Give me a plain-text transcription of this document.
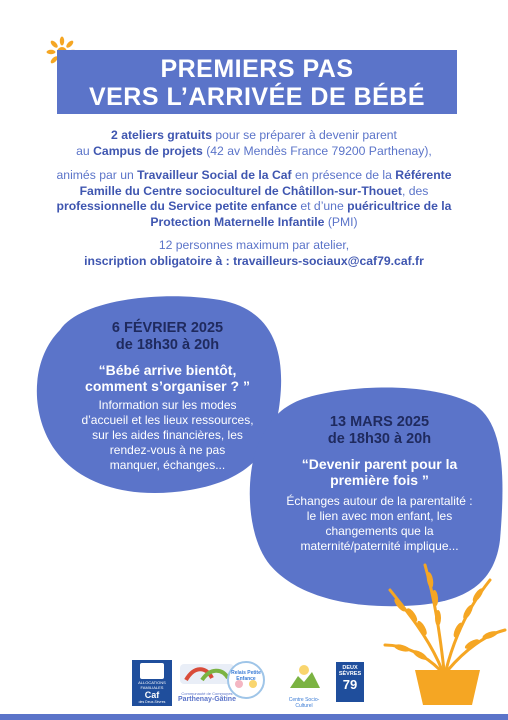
PREMIERS PAS
VERS L’ARRIVÉE DE BÉBÉ
2 ateliers gratuits pour se préparer à devenir parent
au Campus de projets (42 av Mendès France 79200 Parthenay),
animés par un Travailleur Social de la Caf en présence de la Référente Famille du Centre socioculturel de Châtillon-sur-Thouet, des professionnelle du Service petite enfance et d’une puéricultrice de la Protection Maternelle Infantile (PMI)
12 personnes maximum par atelier,
inscription obligatoire à : travailleurs-sociaux@caf79.caf.fr
6 FÉVRIER 2025
de 18h30 à 20h
“Bébé arrive bientôt,
comment s’organiser ? ”
Information sur les modes
d’accueil et les lieux ressources,
sur les aides financières, les
rendez-vous à ne pas
manquer, échanges...
13 MARS 2025
de 18h30 à 20h
“Devenir parent pour la
première fois ”
Échanges autour de la parentalité :
le lien avec mon enfant, les
changements que la
maternité/paternité implique...
ALLOCATIONS FAMILIALES
Caf
des Deux-Sèvres
Communauté de Communes
Parthenay-Gâtine
Relais Petite Enfance
Centre Socio-Culturel
DEUX
SÈVRES
79
